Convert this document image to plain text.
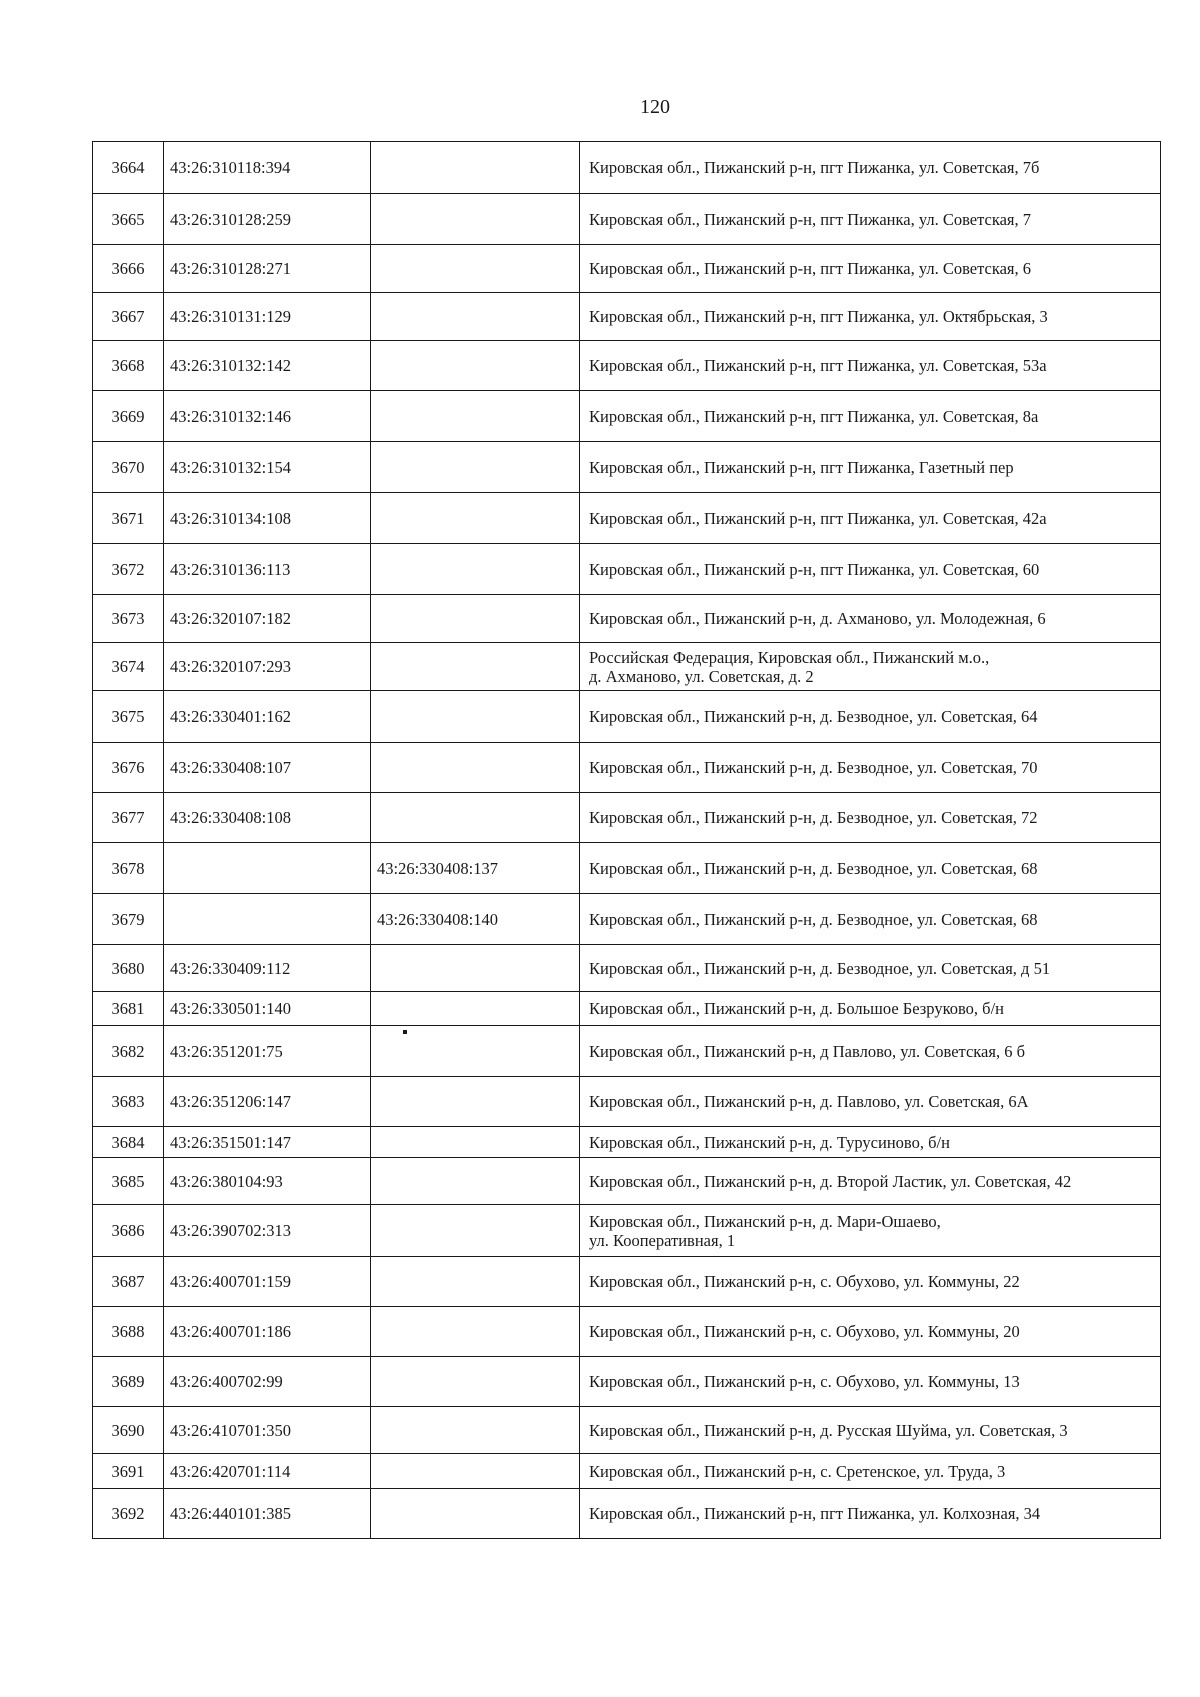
120
3664	43:26:310118:394		Кировская обл., Пижанский р-н, пгт Пижанка, ул. Советская, 7б
3665	43:26:310128:259		Кировская обл., Пижанский р-н, пгт Пижанка, ул. Советская, 7
3666	43:26:310128:271		Кировская обл., Пижанский р-н, пгт Пижанка, ул. Советская, 6
3667	43:26:310131:129		Кировская обл., Пижанский р-н, пгт Пижанка, ул. Октябрьская, 3
3668	43:26:310132:142		Кировская обл., Пижанский р-н, пгт Пижанка, ул. Советская, 53а
3669	43:26:310132:146		Кировская обл., Пижанский р-н, пгт Пижанка, ул. Советская, 8а
3670	43:26:310132:154		Кировская обл., Пижанский р-н, пгт Пижанка, Газетный пер
3671	43:26:310134:108		Кировская обл., Пижанский р-н, пгт Пижанка, ул. Советская, 42а
3672	43:26:310136:113		Кировская обл., Пижанский р-н, пгт Пижанка, ул. Советская, 60
3673	43:26:320107:182		Кировская обл., Пижанский р-н, д. Ахманово, ул. Молодежная, 6
3674	43:26:320107:293		Российская Федерация, Кировская обл., Пижанский м.о.,
д. Ахманово, ул. Советская, д. 2
3675	43:26:330401:162		Кировская обл., Пижанский р-н, д. Безводное, ул. Советская, 64
3676	43:26:330408:107		Кировская обл., Пижанский р-н, д. Безводное, ул. Советская, 70
3677	43:26:330408:108		Кировская обл., Пижанский р-н, д. Безводное, ул. Советская, 72
3678		43:26:330408:137	Кировская обл., Пижанский р-н, д. Безводное, ул. Советская, 68
3679		43:26:330408:140	Кировская обл., Пижанский р-н, д. Безводное, ул. Советская, 68
3680	43:26:330409:112		Кировская обл., Пижанский р-н, д. Безводное, ул. Советская, д 51
3681	43:26:330501:140		Кировская обл., Пижанский р-н, д. Большое Безруково, б/н
3682	43:26:351201:75		Кировская обл., Пижанский р-н, д Павлово, ул. Советская, 6 б
3683	43:26:351206:147		Кировская обл., Пижанский р-н, д. Павлово, ул. Советская, 6А
3684	43:26:351501:147		Кировская обл., Пижанский р-н, д. Турусиново, б/н
3685	43:26:380104:93		Кировская обл., Пижанский р-н, д. Второй Ластик, ул. Советская, 42
3686	43:26:390702:313		Кировская обл., Пижанский р-н, д. Мари-Ошаево,
ул. Кооперативная, 1
3687	43:26:400701:159		Кировская обл., Пижанский р-н, с. Обухово, ул. Коммуны, 22
3688	43:26:400701:186		Кировская обл., Пижанский р-н, с. Обухово, ул. Коммуны, 20
3689	43:26:400702:99		Кировская обл., Пижанский р-н, с. Обухово, ул. Коммуны, 13
3690	43:26:410701:350		Кировская обл., Пижанский р-н, д. Русская Шуйма, ул. Советская, 3
3691	43:26:420701:114		Кировская обл., Пижанский р-н, с. Сретенское, ул. Труда, 3
3692	43:26:440101:385		Кировская обл., Пижанский р-н, пгт Пижанка, ул. Колхозная, 34
